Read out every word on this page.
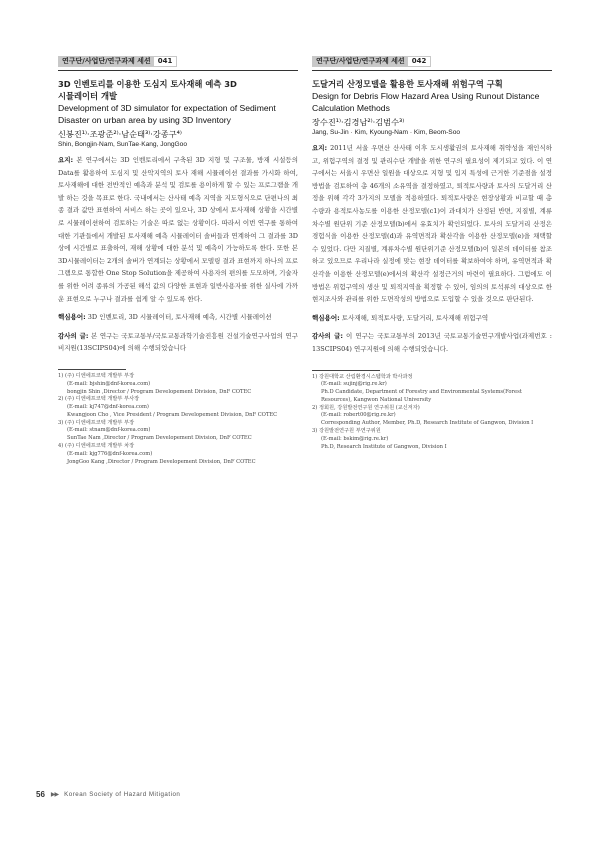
연구단/사업단/연구과제 세션	041

3D 인벤토리를 이용한 도심지 토사재해 예측 3D

시뮬레이터 개발

Development of 3D simulator for expectation of Sediment

Disaster on urban area by using 3D Inventory

신봉진¹⁾·조광준²⁾·남순태³⁾·강종구⁴⁾
Shin, Bongjin·Nam, SunTae·Kang, JongGoo

요지: 본 연구에서는 3D 인벤토리에서 구축된 3D 지형 및 구조물, 방재 시설등의 Data를 활용하여 도심지 및 산악지역의 토사 재해 시뮬레이션 결과를 가시화 하여, 토사재해에 대한 전반적인 예측과 분석 및 검토를 용이하게 할 수 있는 프로그램을 개발 하는 것을 목표로 한다. 국내에서는 산사태 예측 지역을 지도형식으로 단편나의 최종 결과 값만 표현하여 서비스 하는 곳이 있으나, 3D 상에서 토사재해 상황을 시간별로 시뮬레이션하여 검토하는 기술은 따로 없는 상황이다. 따라서 이번 연구를 통하여 대한 기관들에서 개발된 토사재해 예측 시뮬레이터 솔버들과 연계하여 그 결과를 3D상에 시간별로 표출하여, 재해 상황에 대한 분석 및 예측이 가능하도록 한다. 또한 본 3D시뮬레이터는 2개의 솔버가 연계되는 상황에서 모델링 결과 표현까지 하나의 프로그램으로 통합한 One Stop Solution을 제공하여 사용자의 편의를 도모하며, 기술자를 위한 어려 종류의 가공된 해석 값의 다양한 표현과 일반사용자를 위한 실사에 가까운 표현으로 누구나 결과를 쉽게 알 수 있도록 한다.

핵심용어: 3D 인벤토리, 3D 시뮬레이터, 토사재해 예측, 시간별 시뮬레이션

감사의 글: 본 연구는 국토교통부/국토교통과학기술진흥원 건설기술연구사업의 연구비지원(13SCIPS04)에 의해 수행되었습니다

1) (주) 디엔에프코텍 개발부 부장
(E-mail: bjshin@dnf-korea.com)
bongjin Shin ,Director / Program Developement Division, DnF COTEC
2) (주) 디엔에프코텍 개발부 부사장
(E-mail: kj747@dnf-korea.com)
Kwangjoon Cho , Vice President / Program Developement Division, DnF COTEC
3) (주) 디엔에프코텍 개발부 부장
(E-mail: stnam@dnf-korea.com)
SunTae Nam ,Director / Program Developement Division, DnF COTEC
4) (주) 디엔에프코텍 개발부 차장
(E-mail: kjg776@dnf-korea.com)
JongGoo Kang ,Director / Program Developement Division, DnF COTEC
연구단/사업단/연구과제 세션	042

도달거리 산정모델을 활용한 토사재해 위험구역 구획

Design for Debris Flow Hazard Area Using Runout Distance

Calculation Methods

장수진¹⁾·김경남²⁾·김범수³⁾
Jang, Su-Jin · Kim, Kyoung-Nam · Kim, Beom-Soo

요지: 2011년 서울 우면산 산사태 이후 도시생활권의 토사재해 취약성을 재인식하고, 위험구역의 결정 및 관리수단 개발을 위한 연구의 필요성이 제기되고 있다. 이 연구에서는 서울시 우면산 일원을 대상으로 지형 및 입지 특성에 근거한 기준점을 설정 방법을 검토하여 총 46개의 소유역을 결정하였고, 퇴적토사량과 토사의 도달거리 산정을 위해 각각 3가지의 모델을 적용하였다. 퇴적토사량은 현장상황과 비교할 때 총수량과 용적토사농도를 이용한 산정모델(c1)이 과대치가 산정된 반면, 지질별, 계류 차수별 원단위 기준 산정모델(b)에서 유효치가 확인되었다. 토사의 도달거리 산정은 경험식을 이용한 산정모델(d)과 유역면적과 확산각을 이용한 산정모델(e)을 채택할 수 있었다. 다만 지질별, 계류차수별 원단위기준 산정모델(b)이 일본의 데이터를 참조하고 있으므로 우리나라 실정에 맞는 현장 데이터를 확보하여야 하며, 유역면적과 확산각을 이용한 산정모델(e)에서의 확산각 설정근거의 마련이 필요하다. 그럼에도 이 방법은 위험구역의 생산 및 퇴적지역을 획정할 수 있어, 임의의 토석류의 대상으로 한 현지조사와 관리를 위한 도면작성의 방법으로 도입할 수 있을 것으로 판단된다.

핵심용어: 토사재해, 퇴적토사량, 도달거리, 토사재해 위험구역

감사의 글: 이 연구는 국토교통부의 2013년 국토교통기술연구개발사업(과제번호 : 13SCIPS04) 연구지원에 의해 수행되었습니다.

1) 강원대학교 산림환경시스템학과 박사과정
(E-mail: sujinj@rig.re.kr)
Ph.D Candidate, Department of Forestry and Environmental Systems(Forest Resources), Kangwon National University
2) 정회원, 강원발전연구원 연구위원 (교신저자)
(E-mail: robert00@rig.re.kr)
Corresponding Author, Member, Ph.D, Research Institute of Gangwon, Division I
3) 강원발전연구원 부연구위원
(E-mail: bskim@rig.re.kr)
Ph.D, Research Institute of Gangwon, Division I
56 ▶▶ Korean Society of Hazard Mitigation
